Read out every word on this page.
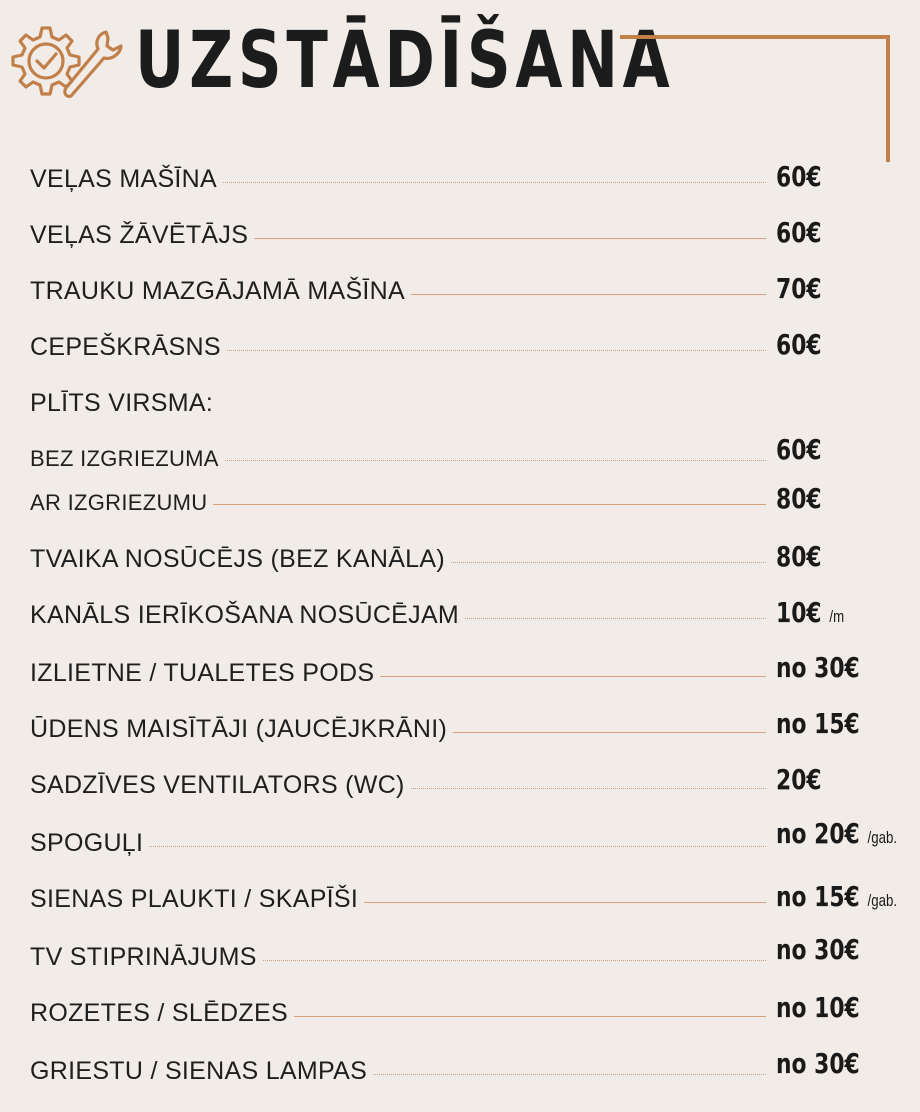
UZSTĀDĪŠANA
VEĻAS MAŠĪNA	60€
VEĻAS ŽĀVĒTĀJS	60€
TRAUKU MAZGĀJAMĀ MAŠĪNA	70€
CEPEŠKRĀSNS	60€
PLĪTS VIRSMA:
BEZ IZGRIEZUMA	60€
AR IZGRIEZUMU	80€
TVAIKA NOSŪCĒJS (BEZ KANĀLA)	80€
KANĀLS IERĪKOŠANA NOSŪCĒJAM	10€ /m
IZLIETNE / TUALETES PODS	no 30€
ŪDENS MAISĪTĀJI (JAUCĒJKRĀNI)	no 15€
SADZĪVES VENTILATORS (WC)	20€
SPOGUĻI	no 20€ /gab.
SIENAS PLAUKTI / SKAPĪŠI	no 15€ /gab.
TV STIPRINĀJUMS	no 30€
ROZETES / SLĒDZES	no 10€
GRIESTU / SIENAS LAMPAS	no 30€
